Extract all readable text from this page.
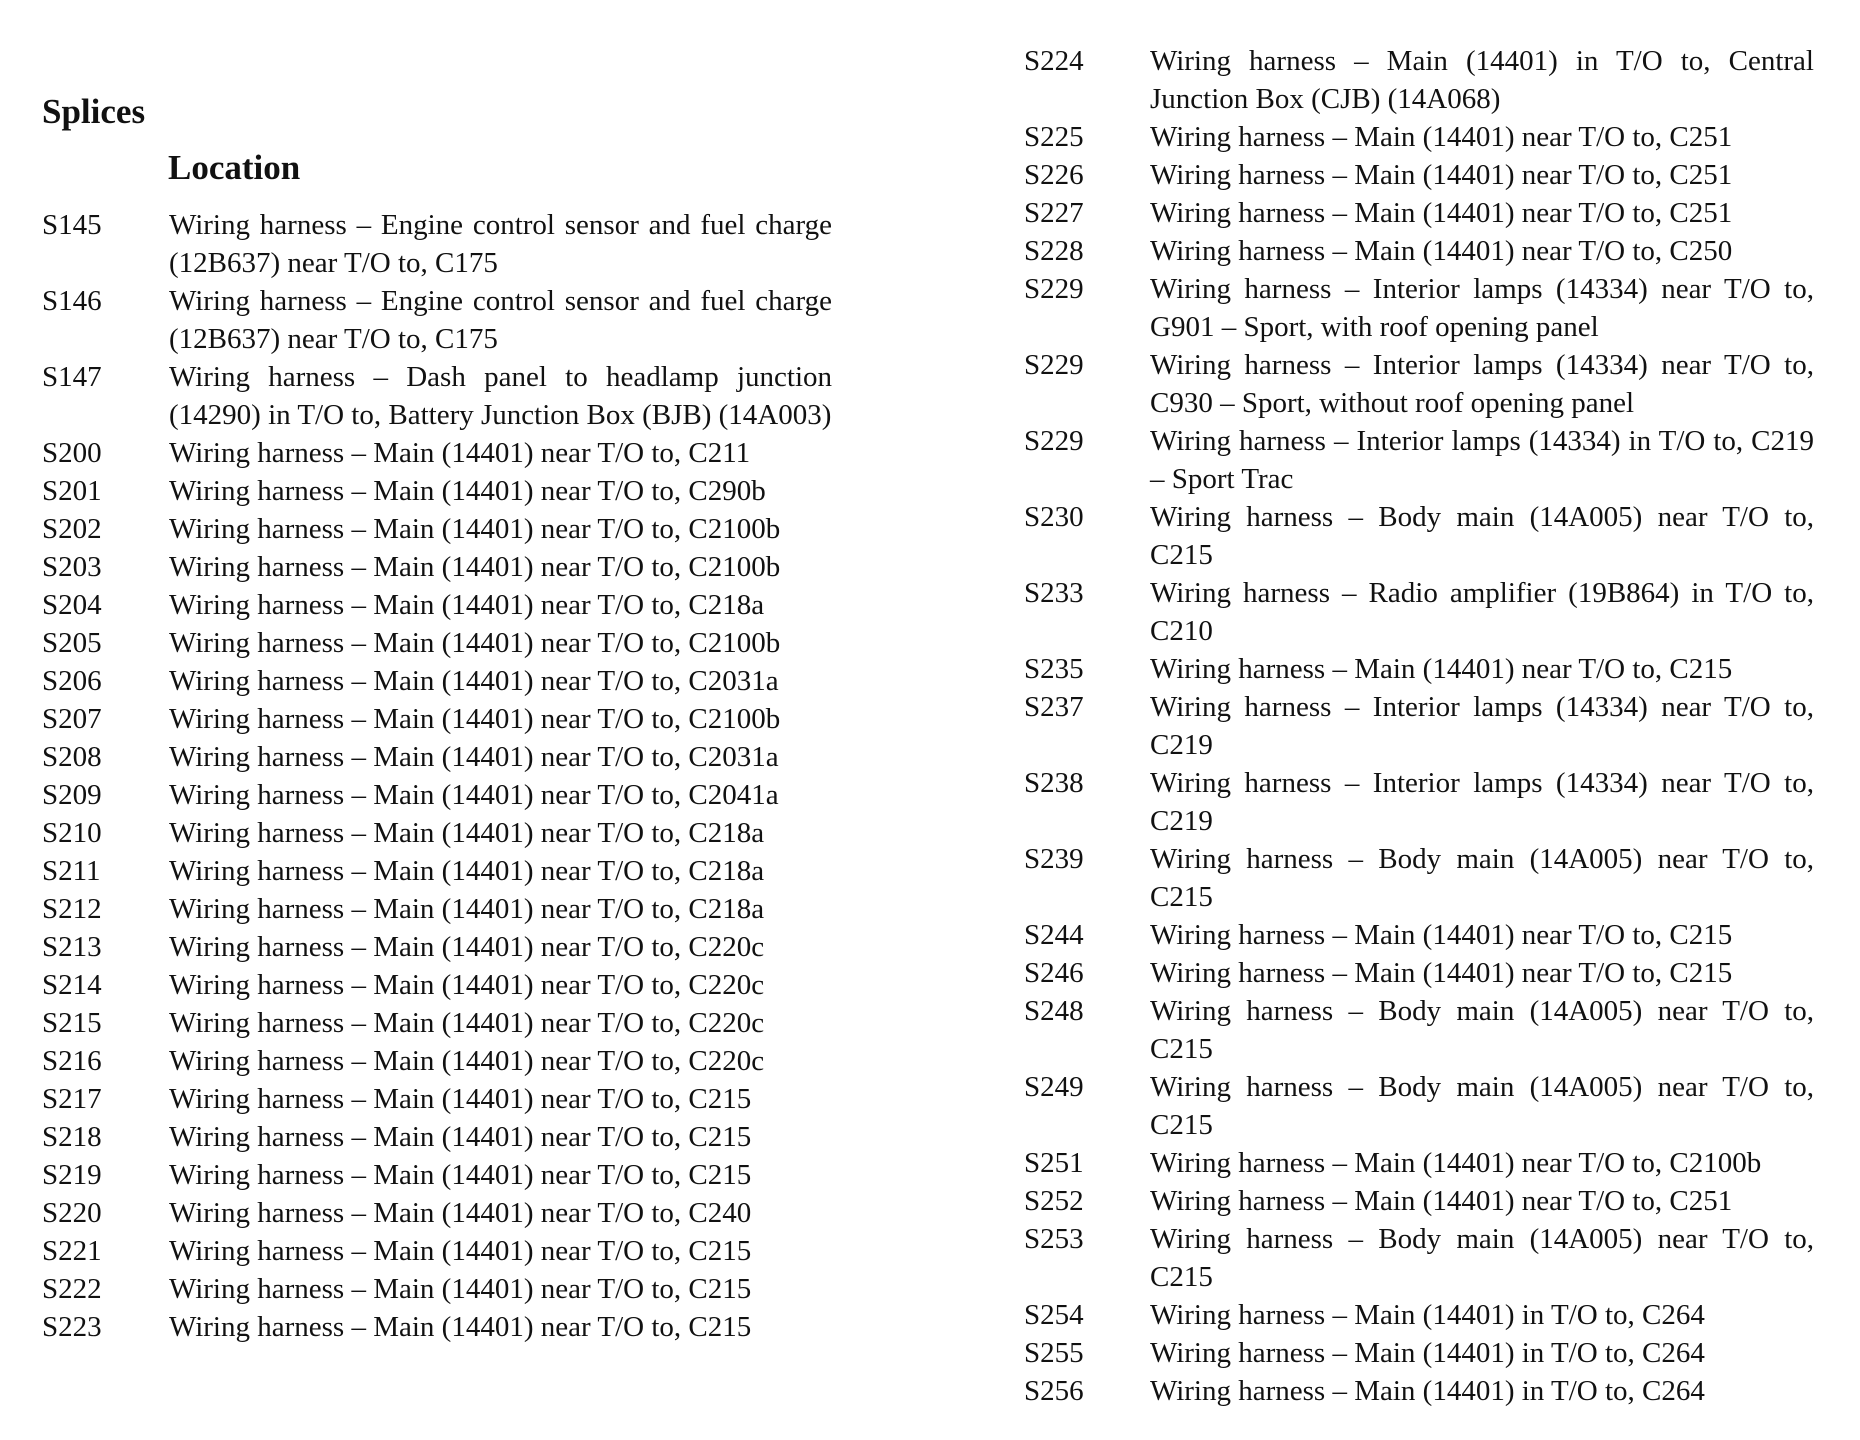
Splices
Location
S145	Wiring harness – Engine control sensor and fuel charge (12B637) near T/O to, C175
S146	Wiring harness – Engine control sensor and fuel charge (12B637) near T/O to, C175
S147	Wiring harness – Dash panel to headlamp junction (14290) in T/O to, Battery Junction Box (BJB) (14A003)
S200	Wiring harness – Main (14401) near T/O to, C211
S201	Wiring harness – Main (14401) near T/O to, C290b
S202	Wiring harness – Main (14401) near T/O to, C2100b
S203	Wiring harness – Main (14401) near T/O to, C2100b
S204	Wiring harness – Main (14401) near T/O to, C218a
S205	Wiring harness – Main (14401) near T/O to, C2100b
S206	Wiring harness – Main (14401) near T/O to, C2031a
S207	Wiring harness – Main (14401) near T/O to, C2100b
S208	Wiring harness – Main (14401) near T/O to, C2031a
S209	Wiring harness – Main (14401) near T/O to, C2041a
S210	Wiring harness – Main (14401) near T/O to, C218a
S211	Wiring harness – Main (14401) near T/O to, C218a
S212	Wiring harness – Main (14401) near T/O to, C218a
S213	Wiring harness – Main (14401) near T/O to, C220c
S214	Wiring harness – Main (14401) near T/O to, C220c
S215	Wiring harness – Main (14401) near T/O to, C220c
S216	Wiring harness – Main (14401) near T/O to, C220c
S217	Wiring harness – Main (14401) near T/O to, C215
S218	Wiring harness – Main (14401) near T/O to, C215
S219	Wiring harness – Main (14401) near T/O to, C215
S220	Wiring harness – Main (14401) near T/O to, C240
S221	Wiring harness – Main (14401) near T/O to, C215
S222	Wiring harness – Main (14401) near T/O to, C215
S223	Wiring harness – Main (14401) near T/O to, C215
S224	Wiring harness – Main (14401) in T/O to, Central Junction Box (CJB) (14A068)
S225	Wiring harness – Main (14401) near T/O to, C251
S226	Wiring harness – Main (14401) near T/O to, C251
S227	Wiring harness – Main (14401) near T/O to, C251
S228	Wiring harness – Main (14401) near T/O to, C250
S229	Wiring harness – Interior lamps (14334) near T/O to, G901 – Sport, with roof opening panel
S229	Wiring harness – Interior lamps (14334) near T/O to, C930 – Sport, without roof opening panel
S229	Wiring harness – Interior lamps (14334) in T/O to, C219 – Sport Trac
S230	Wiring harness – Body main (14A005) near T/O to, C215
S233	Wiring harness – Radio amplifier (19B864) in T/O to, C210
S235	Wiring harness – Main (14401) near T/O to, C215
S237	Wiring harness – Interior lamps (14334) near T/O to, C219
S238	Wiring harness – Interior lamps (14334) near T/O to, C219
S239	Wiring harness – Body main (14A005) near T/O to, C215
S244	Wiring harness – Main (14401) near T/O to, C215
S246	Wiring harness – Main (14401) near T/O to, C215
S248	Wiring harness – Body main (14A005) near T/O to, C215
S249	Wiring harness – Body main (14A005) near T/O to, C215
S251	Wiring harness – Main (14401) near T/O to, C2100b
S252	Wiring harness – Main (14401) near T/O to, C251
S253	Wiring harness – Body main (14A005) near T/O to, C215
S254	Wiring harness – Main (14401) in T/O to, C264
S255	Wiring harness – Main (14401) in T/O to, C264
S256	Wiring harness – Main (14401) in T/O to, C264
